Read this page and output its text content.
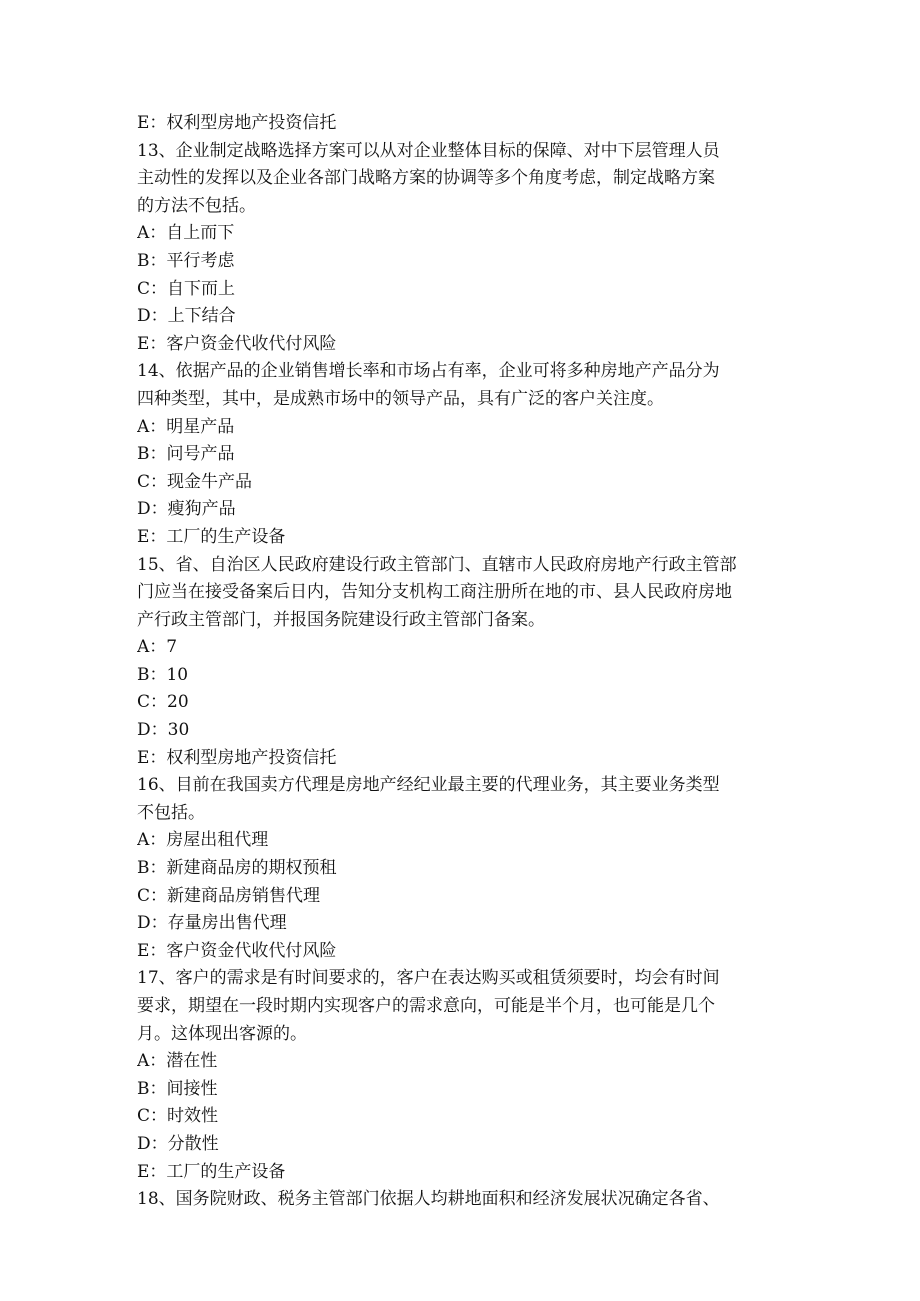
E：权利型房地产投资信托
13、企业制定战略选择方案可以从对企业整体目标的保障、对中下层管理人员
主动性的发挥以及企业各部门战略方案的协调等多个角度考虑，制定战略方案
的方法不包括。
A：自上而下
B：平行考虑
C：自下而上
D：上下结合
E：客户资金代收代付风险
14、依据产品的企业销售增长率和市场占有率，企业可将多种房地产产品分为
四种类型，其中，是成熟市场中的领导产品，具有广泛的客户关注度。
A：明星产品
B：问号产品
C：现金牛产品
D：瘦狗产品
E：工厂的生产设备
15、省、自治区人民政府建设行政主管部门、直辖市人民政府房地产行政主管部
门应当在接受备案后日内，告知分支机构工商注册所在地的市、县人民政府房地
产行政主管部门，并报国务院建设行政主管部门备案。
A：7
B：10
C：20
D：30
E：权利型房地产投资信托
16、目前在我国卖方代理是房地产经纪业最主要的代理业务，其主要业务类型
不包括。
A：房屋出租代理
B：新建商品房的期权预租
C：新建商品房销售代理
D：存量房出售代理
E：客户资金代收代付风险
17、客户的需求是有时间要求的，客户在表达购买或租赁须要时，均会有时间
要求，期望在一段时期内实现客户的需求意向，可能是半个月，也可能是几个
月。这体现出客源的。
A：潜在性
B：间接性
C：时效性
D：分散性
E：工厂的生产设备
18、国务院财政、税务主管部门依据人均耕地面积和经济发展状况确定各省、
